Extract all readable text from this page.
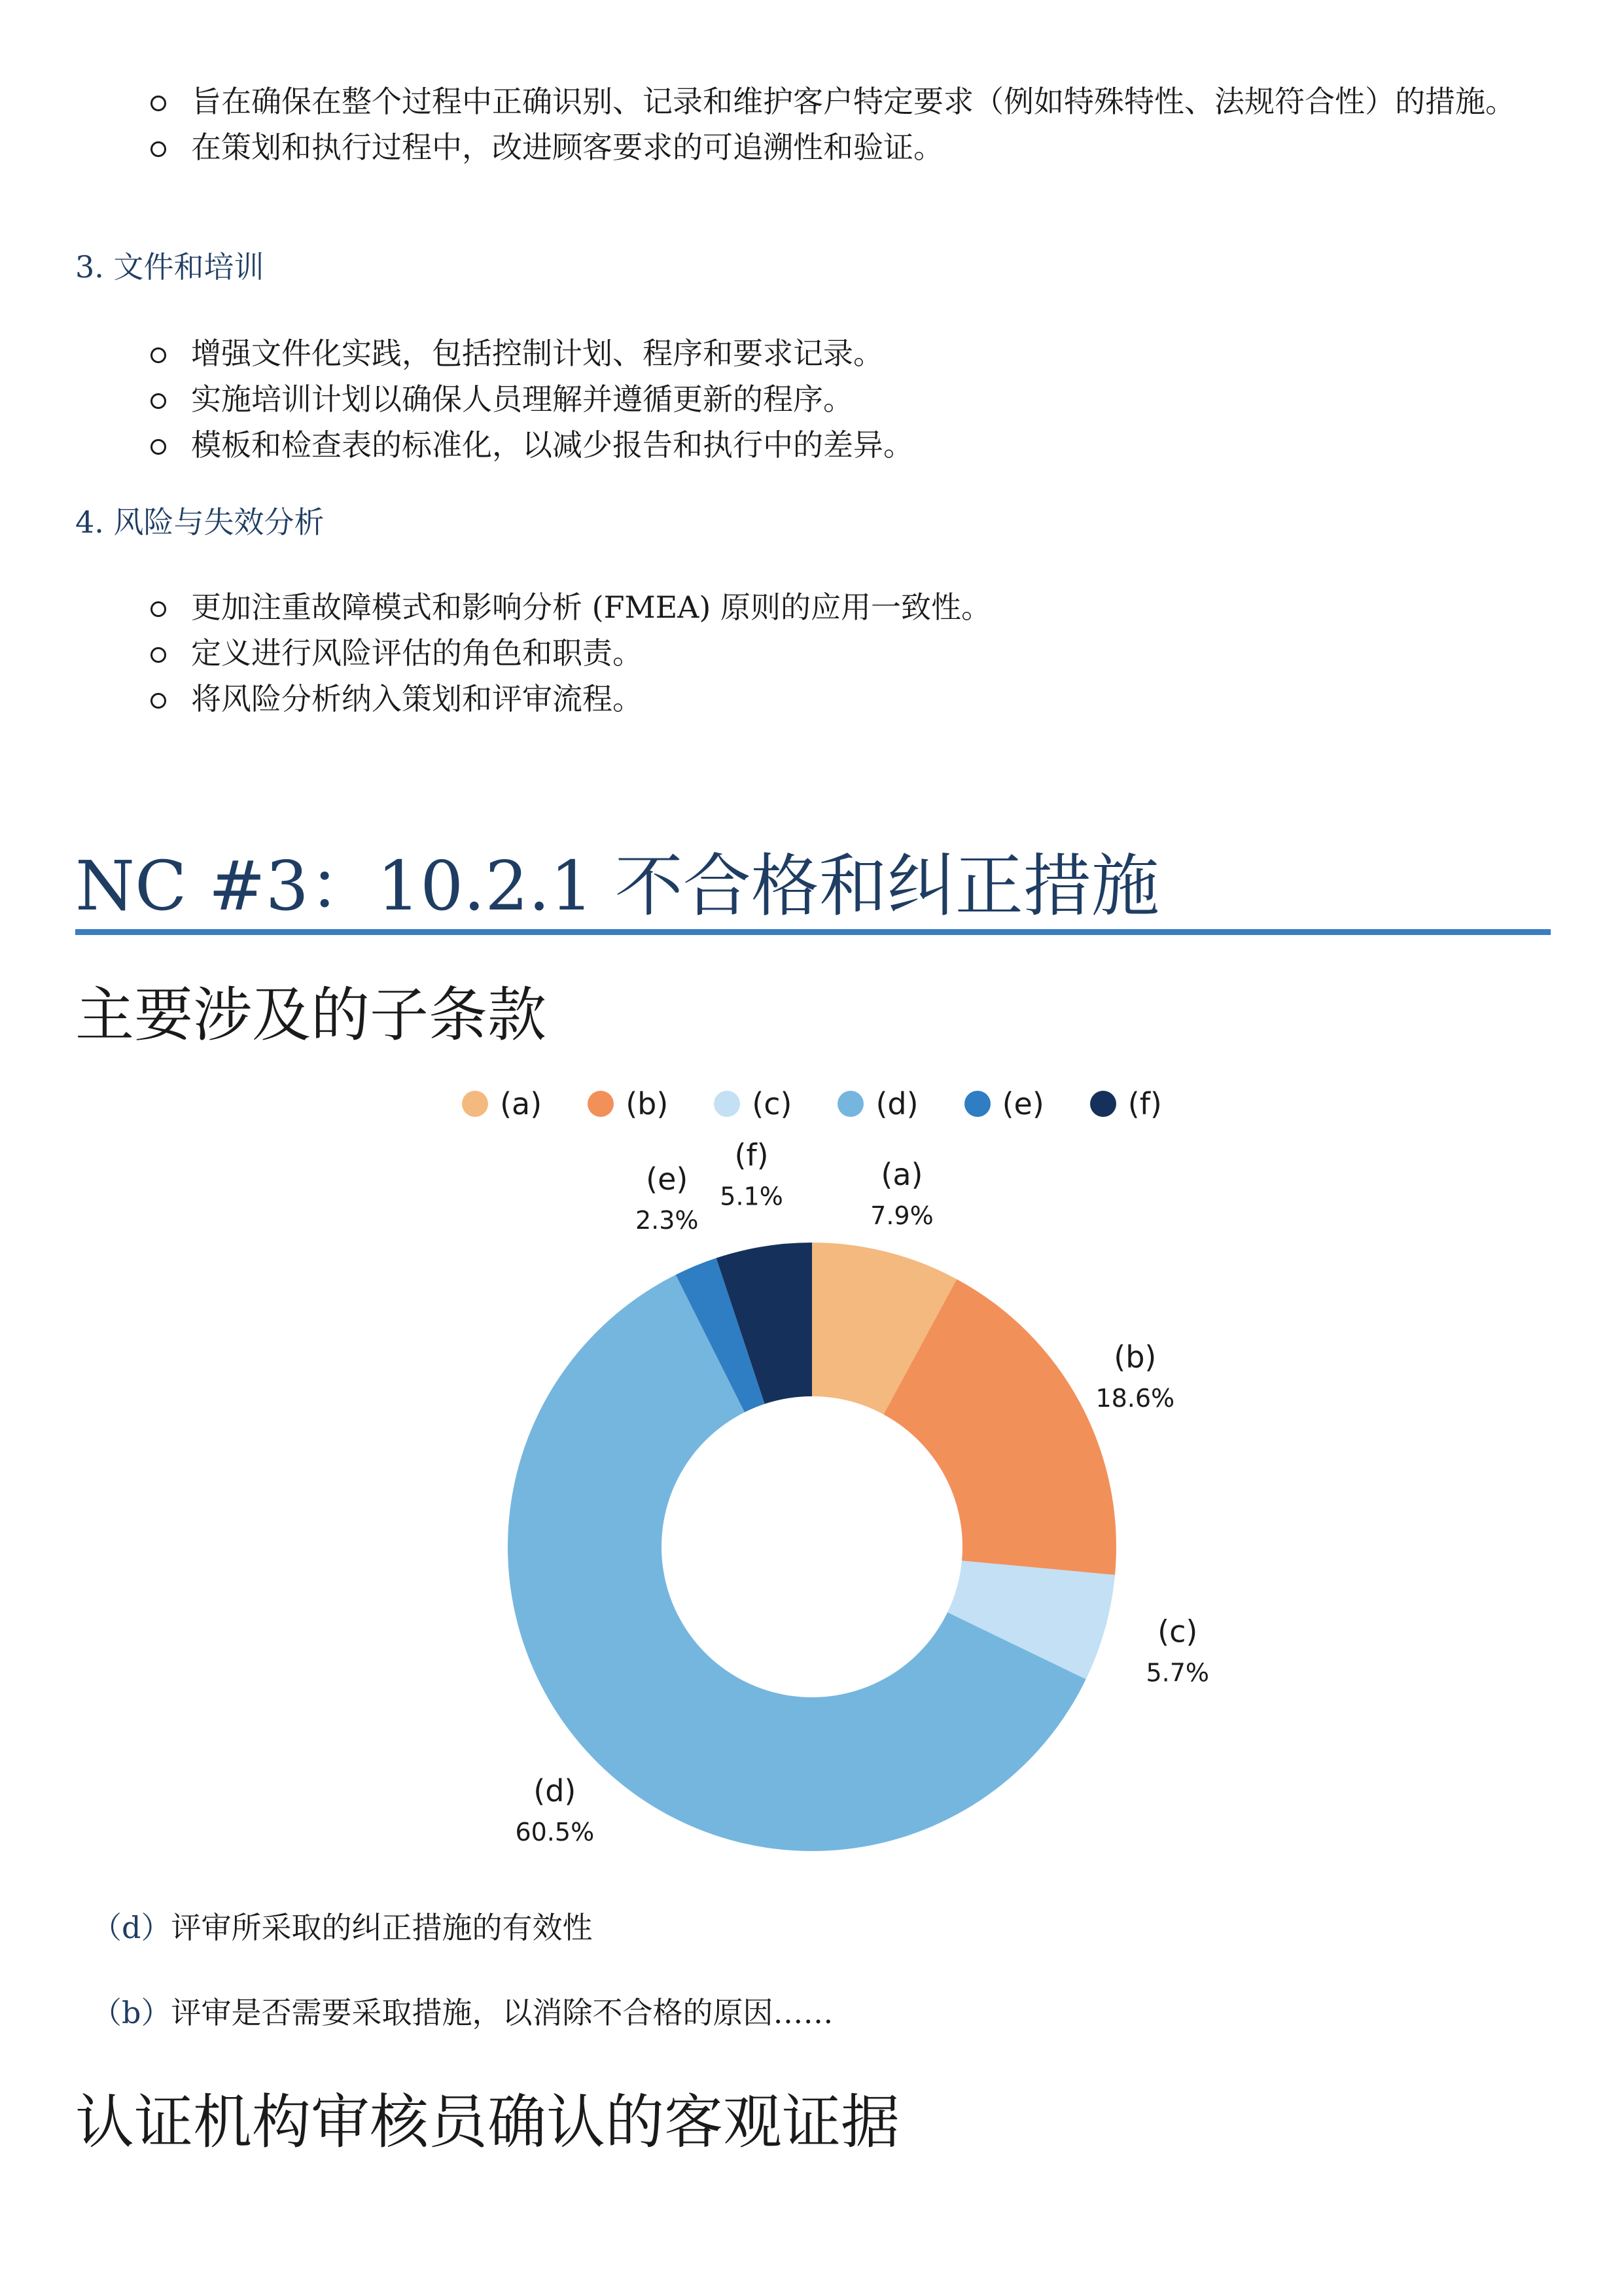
旨在确保在整个过程中正确识别、记录和维护客户特定要求（例如特殊特性、法规符合性）的措施。
在策划和执行过程中，改进顾客要求的可追溯性和验证。
3. 文件和培训
增强文件化实践，包括控制计划、程序和要求记录。
实施培训计划以确保人员理解并遵循更新的程序。
模板和检查表的标准化，以减少报告和执行中的差异。
4. 风险与失效分析
更加注重故障模式和影响分析 (FMEA) 原则的应用一致性。
定义进行风险评估的角色和职责。
将风险分析纳入策划和评审流程。
NC #3：10.2.1 不合格和纠正措施
主要涉及的子条款
(a)	(b)	(c)	(d)	(e)	(f)
(a)
7.9%
(b)
18.6%
(c)
5.7%
(d)
60.5%
(e)
2.3%
(f)
5.1%
（d）评审所采取的纠正措施的有效性
（b）评审是否需要采取措施，以消除不合格的原因……
认证机构审核员确认的客观证据
